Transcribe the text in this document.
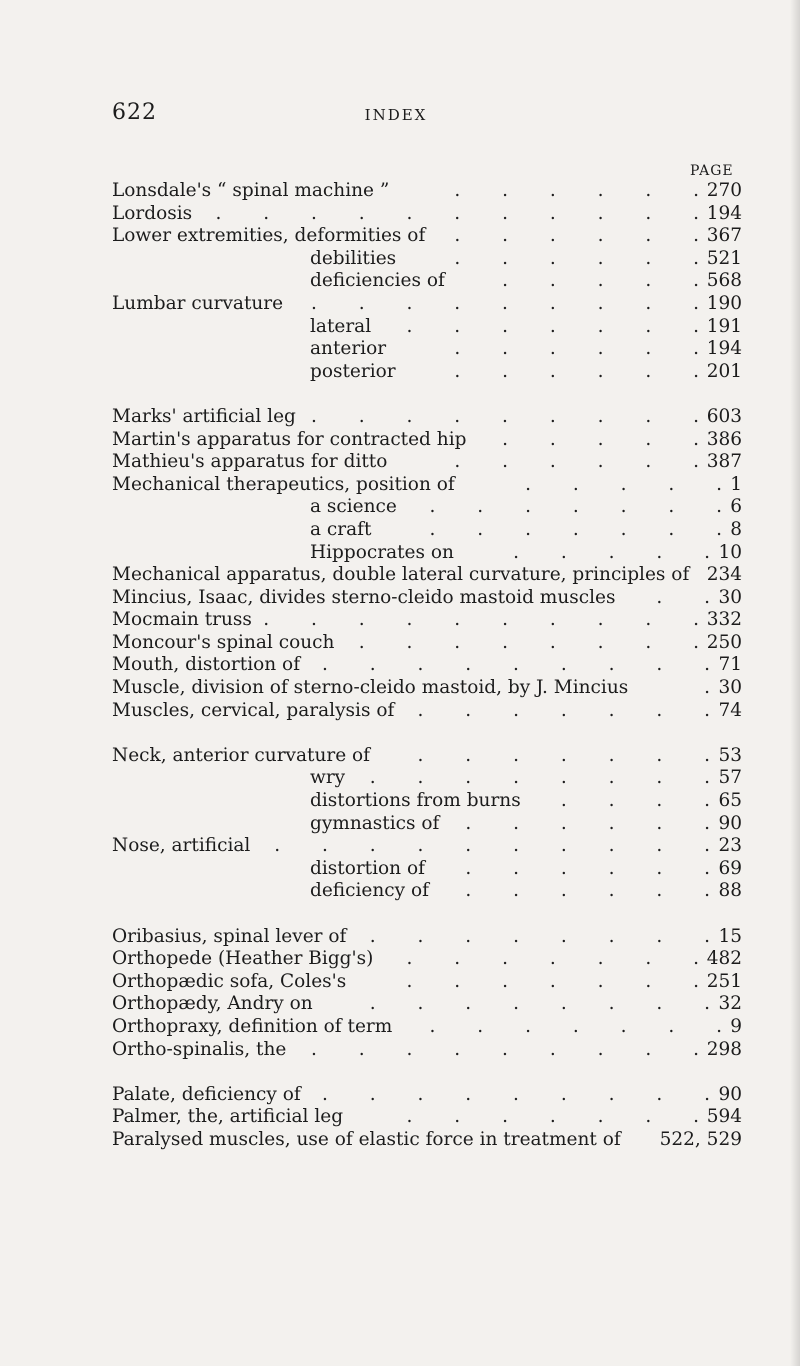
622	INDEX
PAGE
Lonsdale's “ spinal machine ”	. . . . . . 270
Lordosis . . . . . . . . . . . 194
Lower extremities, deformities of . . . . . . 367
debilities	. . . . . . 521
deficiencies of	. . . . . 568
Lumbar curvature . . . . . . . . . 190
lateral . . . . . . . 191
anterior	. . . . . . 194
posterior	. . . . . . 201
Marks' artificial leg . . . . . . . . . 603
Martin's apparatus for contracted hip . . . . . 386
Mathieu's apparatus for ditto	. . . . . . 387
Mechanical therapeutics, position of	. . . . . 1
a science . . . . . . . 6
a craft	. . . . . . . 8
Hippocrates on	. . . . . 10
Mechanical apparatus, double lateral curvature, principles of 234
Mincius, Isaac, divides sterno-cleido mastoid muscles . . 30
Mocmain truss . . . . . . . . . . 332
Moncour's spinal couch . . . . . . . . 250
Mouth, distortion of . . . . . . . . . 71
Muscle, division of sterno-cleido mastoid, by J. Mincius	. 30
Muscles, cervical, paralysis of . . . . . . . 74
Neck, anterior curvature of	. . . . . . . 53
wry . . . . . . . . 57
distortions from burns . . . . 65
gymnastics of . . . . . . 90
Nose, artificial . . . . . . . . . . 23
distortion of . . . . . . 69
deficiency of . . . . . . 88
Oribasius, spinal lever of . . . . . . . . 15
Orthopede (Heather Bigg's) . . . . . . . 482
Orthopædic sofa, Coles's	. . . . . . . 251
Orthopædy, Andry on	. . . . . . . . 32
Orthopraxy, definition of term . . . . . . . 9
Ortho-spinalis, the . . . . . . . . . 298
Palate, deficiency of . . . . . . . . . 90
Palmer, the, artificial leg	. . . . . . . 594
Paralysed muscles, use of elastic force in treatment of 522, 529
